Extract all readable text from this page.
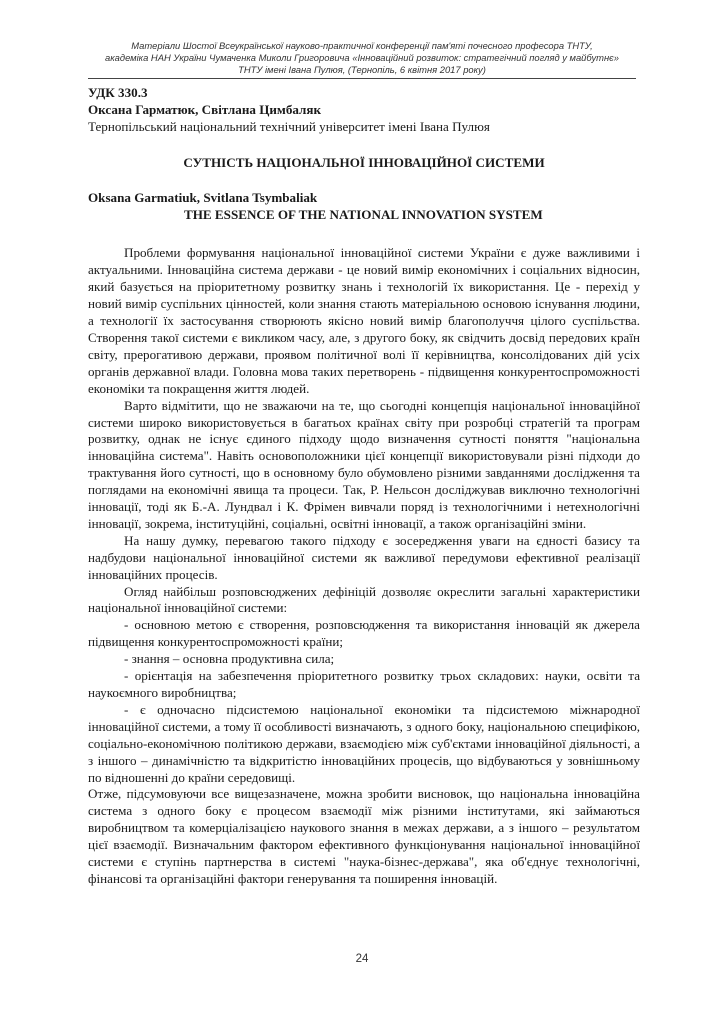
Матеріали Шостої Всеукраїнської науково-практичної конференції пам'яті почесного професора ТНТУ,
академіка НАН України Чумаченка Миколи Григоровича «Інноваційний розвиток: стратегічний погляд у майбутнє»
ТНТУ імені Івана Пулюя, (Тернопіль, 6 квітня 2017 року)
УДК 330.3
Оксана Гарматюк, Світлана Цимбаляк
Тернопільський національний технічний університет імені Івана Пулюя
СУТНІСТЬ НАЦІОНАЛЬНОЇ ІННОВАЦІЙНОЇ СИСТЕМИ
Oksana Garmatiuk, Svitlana Tsymbaliak
THE ESSENCE OF THE NATIONAL INNOVATION SYSTEM

Проблеми формування національної інноваційної системи України є дуже важливими і актуальними. Інноваційна система держави - це новий вимір економічних і соціальних відносин, який базується на пріоритетному розвитку знань і технологій їх використання. Це - перехід у новий вимір суспільних цінностей, коли знання стають матеріальною основою існування людини, а технології їх застосування створюють якісно новий вимір благополуччя цілого суспільства. Створення такої системи є викликом часу, але, з другого боку, як свідчить досвід передових країн світу, прерогативою держави, проявом політичної волі її керівництва, консолідованих дій усіх органів державної влади. Головна мова таких перетворень - підвищення конкурентоспроможності економіки та покращення життя людей.

Варто відмітити, що не зважаючи на те, що сьогодні концепція національної інноваційної системи широко використовується в багатьох країнах світу при розробці стратегій та програм розвитку, однак не існує єдиного підходу щодо визначення сутності поняття "національна інноваційна система". Навіть основоположники цієї концепції використовували різні підходи до трактування його сутності, що в основному було обумовлено різними завданнями дослідження та поглядами на економічні явища та процеси. Так, Р. Нельсон досліджував виключно технологічні інновації, тоді як Б.-А. Лундвал і К. Фрімен вивчали поряд із технологічними і нетехнологічні інновації, зокрема, інституційні, соціальні, освітні інновації, а також організаційні зміни.

На нашу думку, перевагою такого підходу є зосередження уваги на єдності базису та надбудови національної інноваційної системи як важливої передумови ефективної реалізації інноваційних процесів.

Огляд найбільш розповсюджених дефініцій дозволяє окреслити загальні характеристики національної інноваційної системи:

- основною метою є створення, розповсюдження та використання інновацій як джерела підвищення конкурентоспроможності країни;

- знання – основна продуктивна сила;

- орієнтація на забезпечення пріоритетного розвитку трьох складових: науки, освіти та наукоємного виробництва;

- є одночасно підсистемою національної економіки та підсистемою міжнародної інноваційної системи, а тому її особливості визначають, з одного боку, національною специфікою, соціально-економічною політикою держави, взаємодією між суб'єктами інноваційної діяльності, а з іншого – динамічністю та відкритістю інноваційних процесів, що відбуваються у зовнішньому по відношенні до країни середовищі.

Отже, підсумовуючи все вищезазначене, можна зробити висновок, що національна інноваційна система з одного боку є процесом взаємодії між різними інститутами, які займаються виробництвом та комерціалізацією наукового знання в межах держави, а з іншого – результатом цієї взаємодії. Визначальним фактором ефективного функціонування національної інноваційної системи є ступінь партнерства в системі "наука-бізнес-держава", яка об'єднує технологічні, фінансові та організаційні фактори генерування та поширення інновацій.

24
